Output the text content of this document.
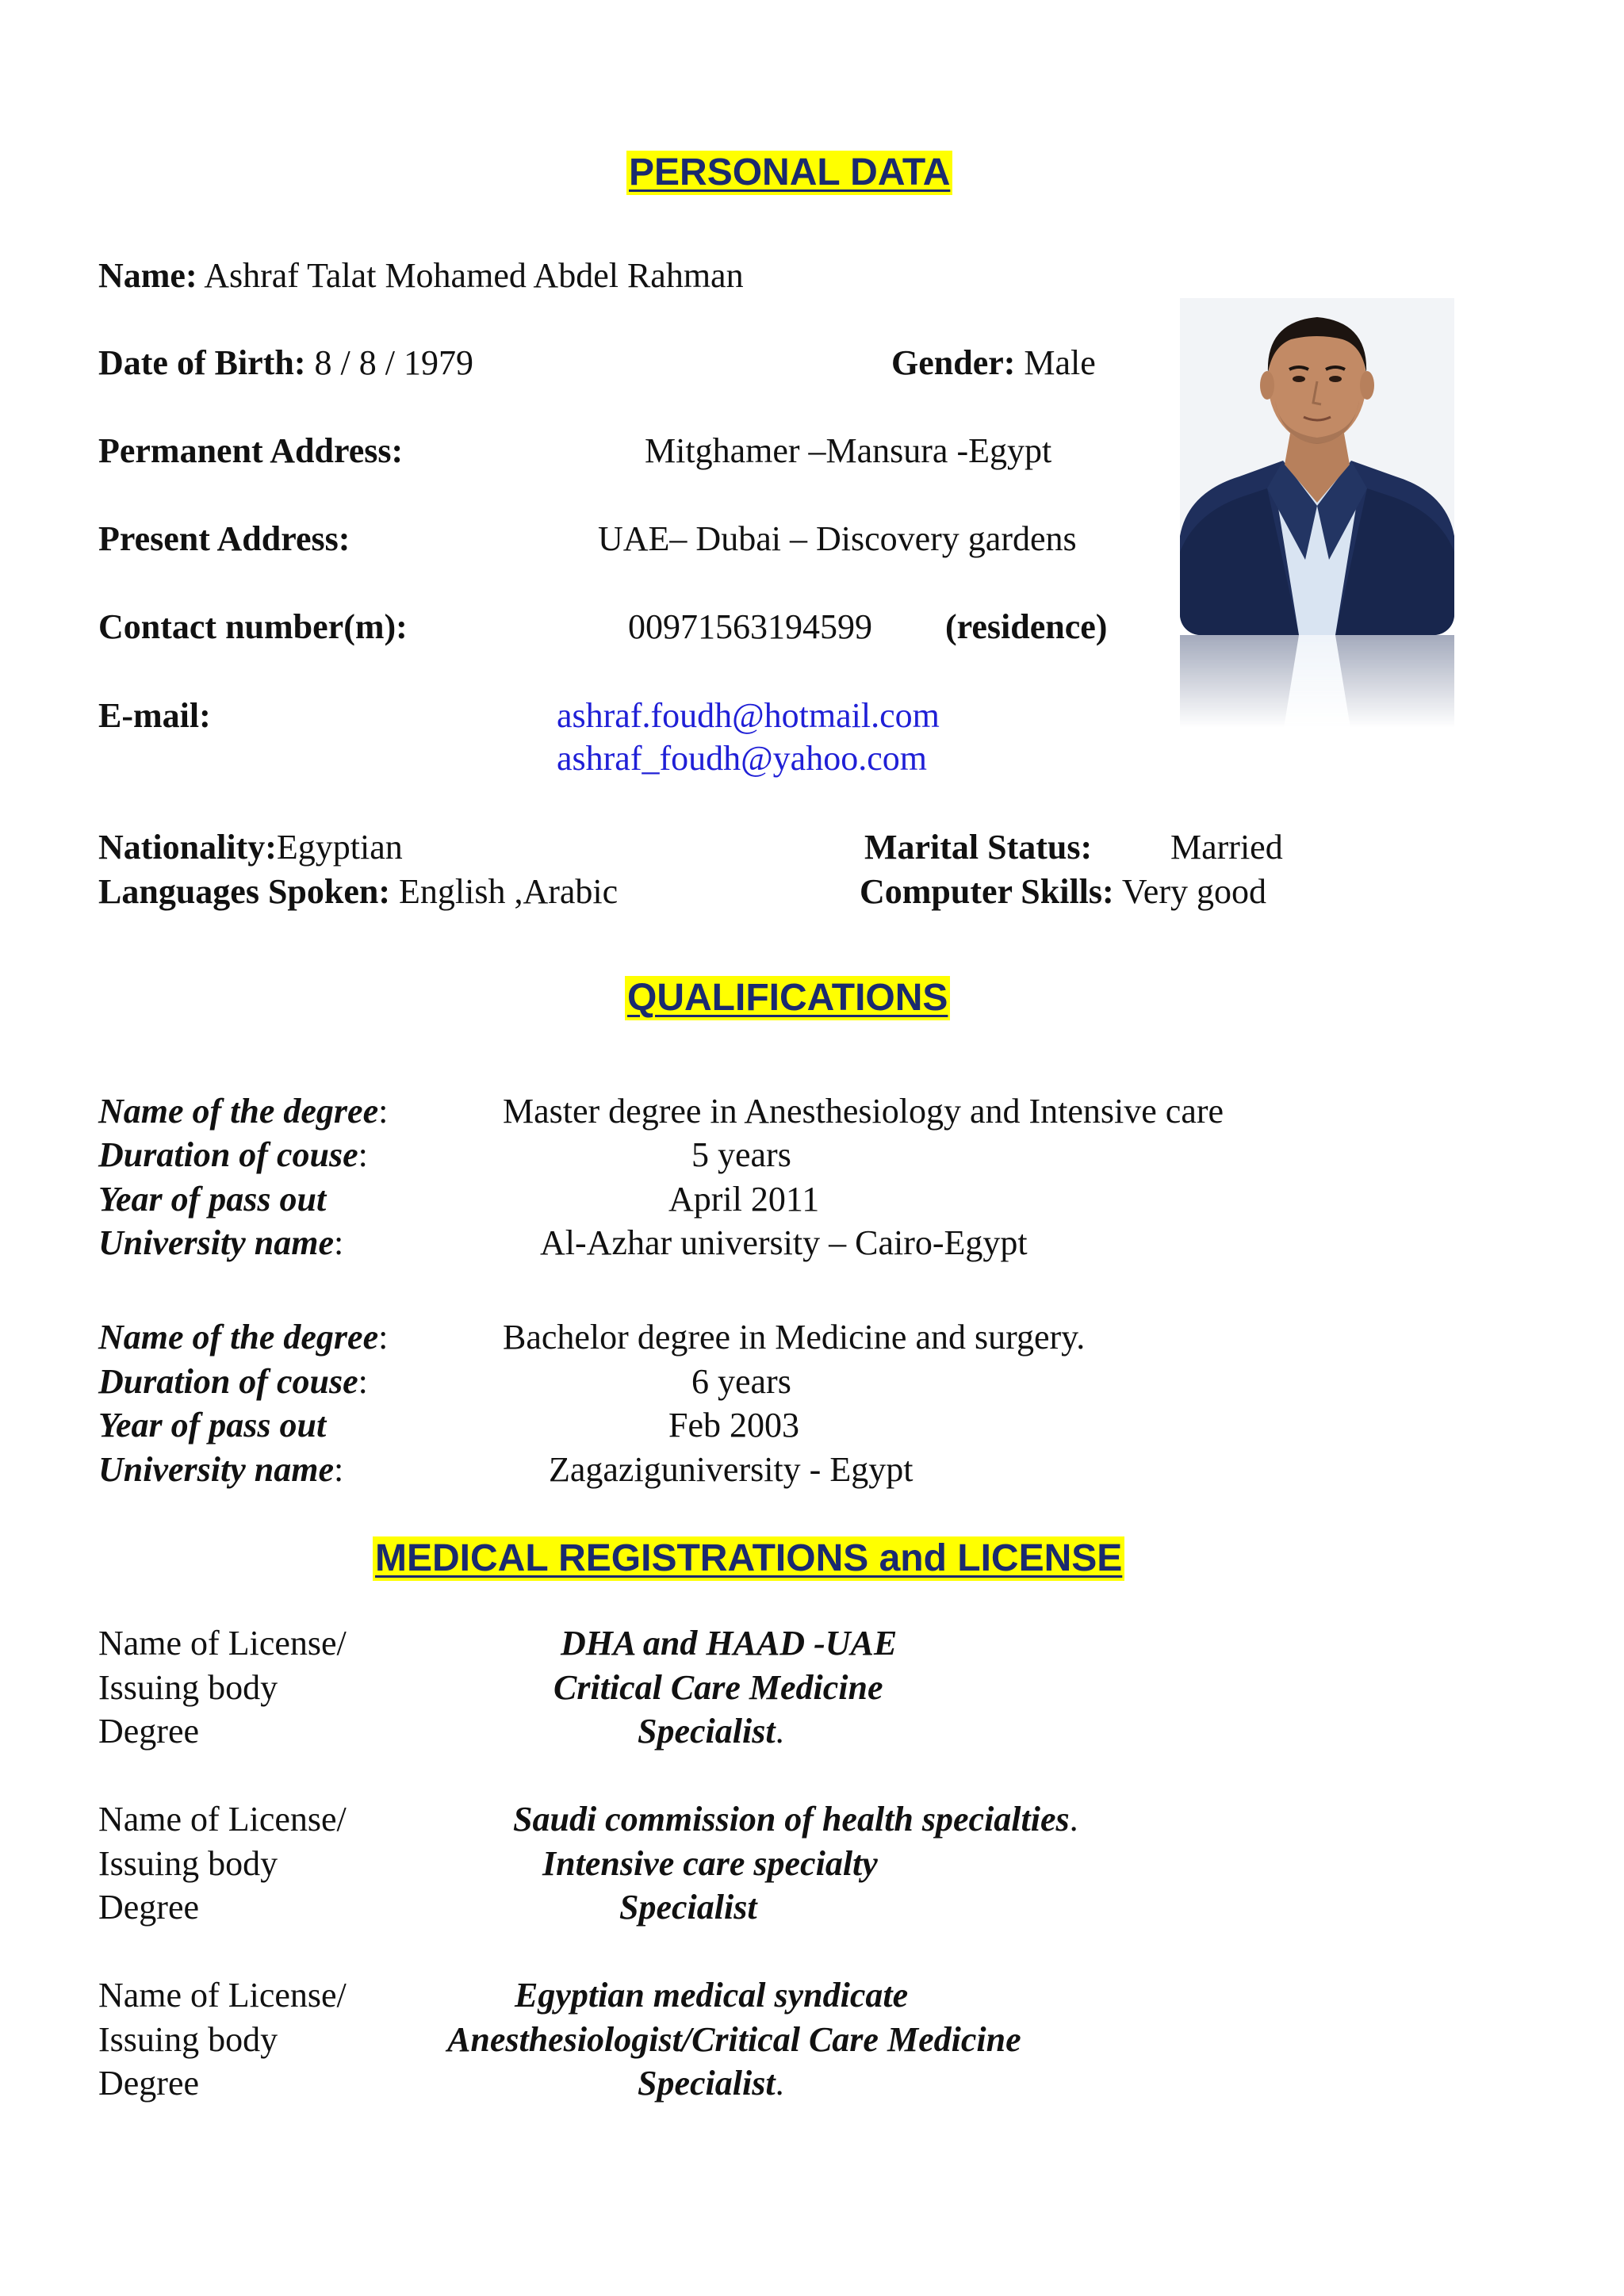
PERSONAL DATA
Name: Ashraf Talat Mohamed Abdel Rahman
Date of Birth: 8 / 8 / 1979	Gender: Male
Permanent Address:	Mitghamer –Mansura -Egypt
Present Address:	UAE– Dubai – Discovery gardens
Contact number(m):	00971563194599 (residence)
E-mail:	ashraf.foudh@hotmail.com
ashraf_foudh@yahoo.com
Nationality:Egyptian	Marital Status: Married
Languages Spoken: English ,Arabic	Computer Skills: Very good
QUALIFICATIONS
Name of the degree:	Master degree in Anesthesiology and Intensive care
Duration of couse:	5 years
Year of pass out	April 2011
University name:	Al-Azhar university – Cairo-Egypt
Name of the degree:	Bachelor degree in Medicine and surgery.
Duration of couse:	6 years
Year of pass out	Feb 2003
University name:	Zagaziguniversity - Egypt
MEDICAL REGISTRATIONS and LICENSE
Name of License/	DHA and HAAD -UAE
Issuing body	Critical Care Medicine
Degree	Specialist.
Name of License/	Saudi commission of health specialties.
Issuing body	Intensive care specialty
Degree	Specialist
Name of License/	Egyptian medical syndicate
Issuing body	Anesthesiologist/Critical Care Medicine
Degree	Specialist.
